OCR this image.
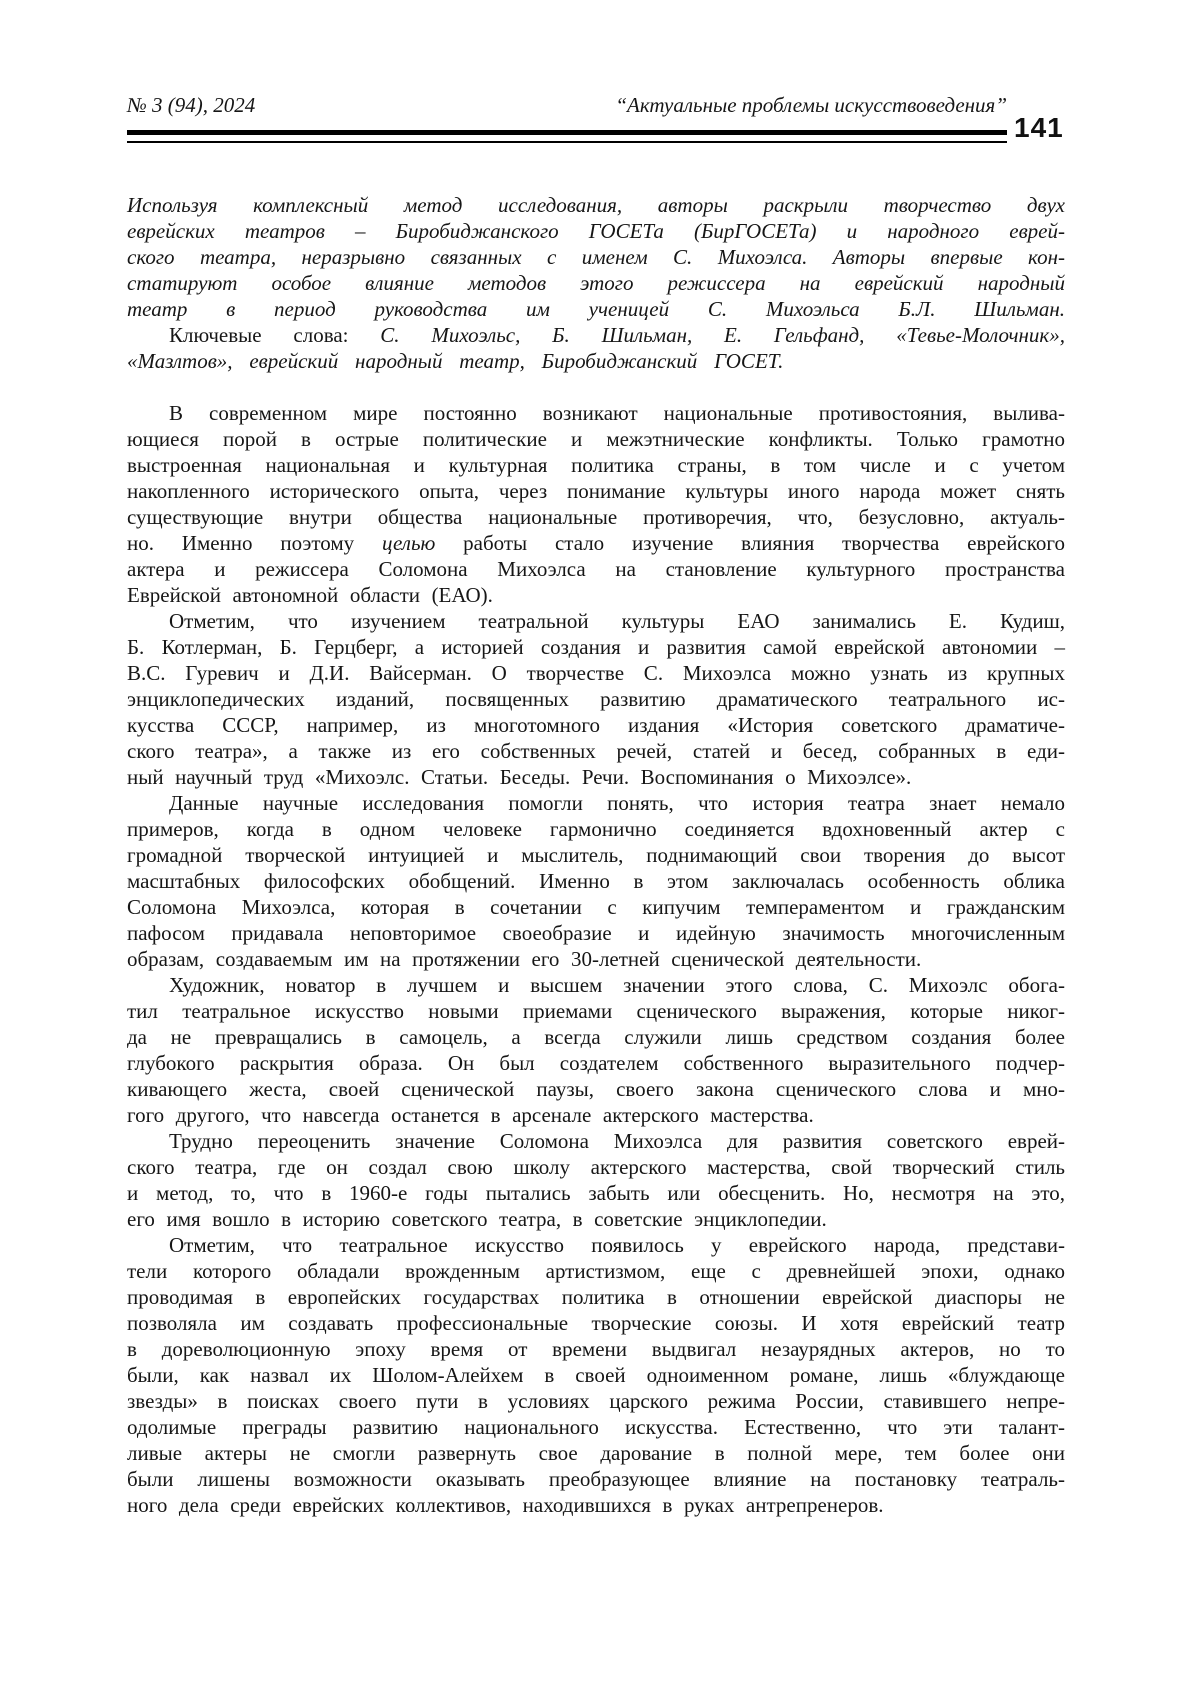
№ 3 (94), 2024	“Актуальные проблемы искусствоведения”
141
Используя комплексный метод исследования, авторы раскрыли творчество двух
еврейских театров – Биробиджанского ГОСЕТа (БирГОСЕТа) и народного еврей-
ского театра, неразрывно связанных с именем С. Михоэлса. Авторы впервые кон-
статируют особое влияние методов этого режиссера на еврейский народный
театр в период руководства им ученицей С. Михоэльса Б.Л. Шильман.
Ключевые слова: С. Михоэльс, Б. Шильман, Е. Гельфанд, «Тевье-Молочник»,
«Мазлтов», еврейский народный театр, Биробиджанский ГОСЕТ.
В современном мире постоянно возникают национальные противостояния, вылива-
ющиеся порой в острые политические и межэтнические конфликты. Только грамотно
выстроенная национальная и культурная политика страны, в том числе и с учетом
накопленного исторического опыта, через понимание культуры иного народа может снять
существующие внутри общества национальные противоречия, что, безусловно, актуаль-
но. Именно поэтому целью работы стало изучение влияния творчества еврейского
актера и режиссера Соломона Михоэлса на становление культурного пространства
Еврейской автономной области (ЕАО).
Отметим, что изучением театральной культуры ЕАО занимались Е. Кудиш,
Б. Котлерман, Б. Герцберг, а историей создания и развития самой еврейской автономии –
В.С. Гуревич и Д.И. Вайсерман. О творчестве С. Михоэлса можно узнать из крупных
энциклопедических изданий, посвященных развитию драматического театрального ис-
кусства СССР, например, из многотомного издания «История советского драматиче-
ского театра», а также из его собственных речей, статей и бесед, собранных в еди-
ный научный труд «Михоэлс. Статьи. Беседы. Речи. Воспоминания о Михоэлсе».
Данные научные исследования помогли понять, что история театра знает немало
примеров, когда в одном человеке гармонично соединяется вдохновенный актер с
громадной творческой интуицией и мыслитель, поднимающий свои творения до высот
масштабных философских обобщений. Именно в этом заключалась особенность облика
Соломона Михоэлса, которая в сочетании с кипучим темпераментом и гражданским
пафосом придавала неповторимое своеобразие и идейную значимость многочисленным
образам, создаваемым им на протяжении его 30-летней сценической деятельности.
Художник, новатор в лучшем и высшем значении этого слова, С. Михоэлс обога-
тил театральное искусство новыми приемами сценического выражения, которые никог-
да не превращались в самоцель, а всегда служили лишь средством создания более
глубокого раскрытия образа. Он был создателем собственного выразительного подчер-
кивающего жеста, своей сценической паузы, своего закона сценического слова и мно-
гого другого, что навсегда останется в арсенале актерского мастерства.
Трудно переоценить значение Соломона Михоэлса для развития советского еврей-
ского театра, где он создал свою школу актерского мастерства, свой творческий стиль
и метод, то, что в 1960-е годы пытались забыть или обесценить. Но, несмотря на это,
его имя вошло в историю советского театра, в советские энциклопедии.
Отметим, что театральное искусство появилось у еврейского народа, представи-
тели которого обладали врожденным артистизмом, еще с древнейшей эпохи, однако
проводимая в европейских государствах политика в отношении еврейской диаспоры не
позволяла им создавать профессиональные творческие союзы. И хотя еврейский театр
в дореволюционную эпоху время от времени выдвигал незаурядных актеров, но то
были, как назвал их Шолом-Алейхем в своей одноименном романе, лишь «блуждающе
звезды» в поисках своего пути в условиях царского режима России, ставившего непре-
одолимые преграды развитию национального искусства. Естественно, что эти талант-
ливые актеры не смогли развернуть свое дарование в полной мере, тем более они
были лишены возможности оказывать преобразующее влияние на постановку театраль-
ного дела среди еврейских коллективов, находившихся в руках антрепренеров.
